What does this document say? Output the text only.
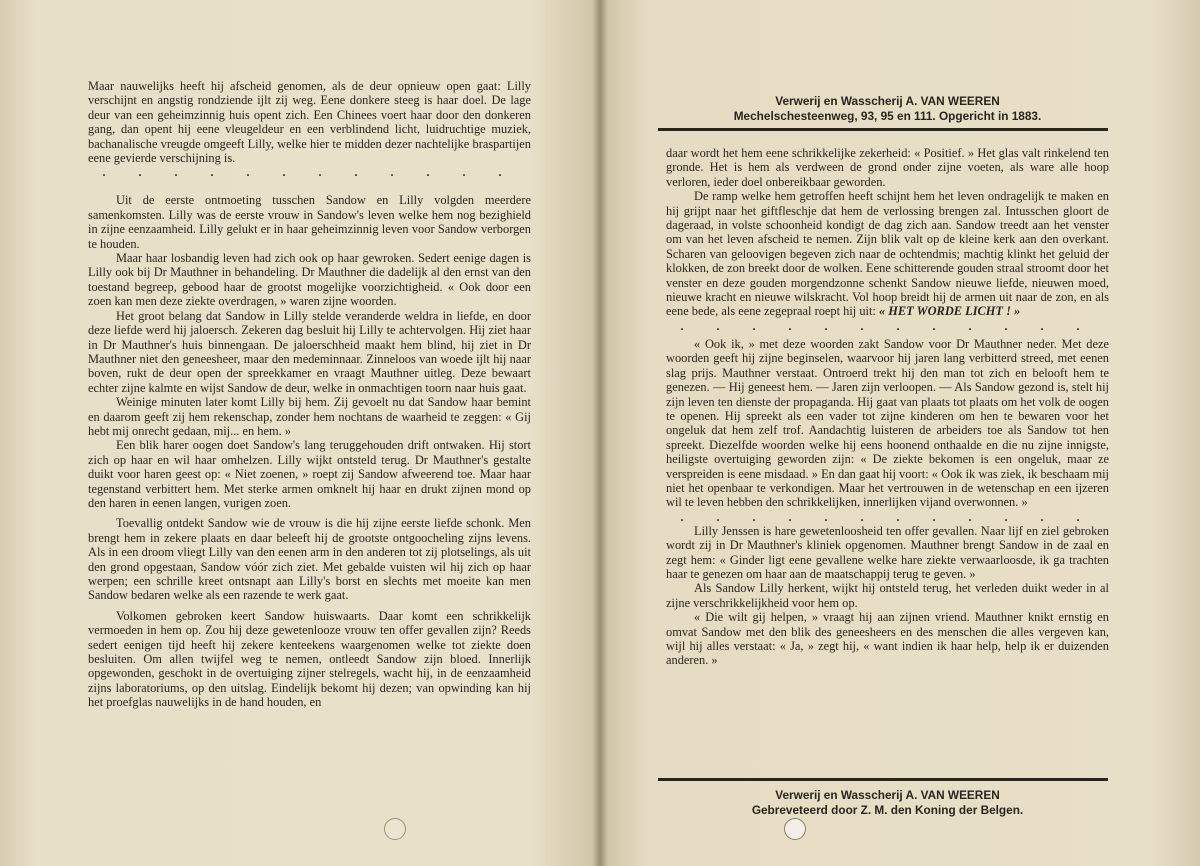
Maar nauwelijks heeft hij afscheid genomen, als de deur opnieuw open gaat: Lilly verschijnt en angstig rondziende ijlt zij weg. Eene donkere steeg is haar doel. De lage deur van een geheimzinnig huis opent zich. Een Chinees voert haar door den donkeren gang, dan opent hij eene vleugeldeur en een verblindend licht, luidruchtige muziek, bachanalische vreugde omgeeft Lilly, welke hier te midden dezer nachtelijke braspartijen eene gevierde verschijning is.

. . . . . . . . . . . .

Uit de eerste ontmoeting tusschen Sandow en Lilly volgden meerdere samenkomsten. Lilly was de eerste vrouw in Sandow's leven welke hem nog bezighield in zijne eenzaamheid. Lilly gelukt er in haar geheimzinnig leven voor Sandow verborgen te houden.

Maar haar losbandig leven had zich ook op haar gewroken. Sedert eenige dagen is Lilly ook bij Dr Mauthner in behandeling. Dr Mauthner die dadelijk al den ernst van den toestand begreep, gebood haar de grootst mogelijke voorzichtigheid. « Ook door een zoen kan men deze ziekte overdragen, » waren zijne woorden.

Het groot belang dat Sandow in Lilly stelde veranderde weldra in liefde, en door deze liefde werd hij jaloersch. Zekeren dag besluit hij Lilly te achtervolgen. Hij ziet haar in Dr Mauthner's huis binnengaan. De jaloerschheid maakt hem blind, hij ziet in Dr Mauthner niet den geneesheer, maar den medeminnaar. Zinneloos van woede ijlt hij naar boven, rukt de deur open der spreekkamer en vraagt Mauthner uitleg. Deze bewaart echter zijne kalmte en wijst Sandow de deur, welke in onmachtigen toorn naar huis gaat.

Weinige minuten later komt Lilly bij hem. Zij gevoelt nu dat Sandow haar bemint en daarom geeft zij hem rekenschap, zonder hem nochtans de waarheid te zeggen: « Gij hebt mij onrecht gedaan, mij... en hem. »

Een blik harer oogen doet Sandow's lang teruggehouden drift ontwaken. Hij stort zich op haar en wil haar omhelzen. Lilly wijkt ontsteld terug. Dr Mauthner's gestalte duikt voor haren geest op: « Niet zoenen, » roept zij Sandow afweerend toe. Maar haar tegenstand verbittert hem. Met sterke armen omknelt hij haar en drukt zijnen mond op den haren in eenen langen, vurigen zoen.

Toevallig ontdekt Sandow wie de vrouw is die hij zijne eerste liefde schonk. Men brengt hem in zekere plaats en daar beleeft hij de grootste ontgoocheling zijns levens. Als in een droom vliegt Lilly van den eenen arm in den anderen tot zij plotselings, als uit den grond opgestaan, Sandow vóór zich ziet. Met gebalde vuisten wil hij zich op haar werpen; een schrille kreet ontsnapt aan Lilly's borst en slechts met moeite kan men Sandow bedaren welke als een razende te werk gaat.

Volkomen gebroken keert Sandow huiswaarts. Daar komt een schrikkelijk vermoeden in hem op. Zou hij deze gewetenlooze vrouw ten offer gevallen zijn? Reeds sedert eenigen tijd heeft hij zekere kenteekens waargenomen welke tot ziekte doen besluiten. Om allen twijfel weg te nemen, ontleedt Sandow zijn bloed. Innerlijk opgewonden, geschokt in de overtuiging zijner stelregels, wacht hij, in de eenzaamheid zijns laboratoriums, op den uitslag. Eindelijk bekomt hij dezen; van opwinding kan hij het proefglas nauwelijks in de hand houden, en

Verwerij en Wasscherij A. VAN WEEREN
Mechelschesteenweg, 93, 95 en 111. Opgericht in 1883.

daar wordt het hem eene schrikkelijke zekerheid: « Positief. » Het glas valt rinkelend ten gronde. Het is hem als verdween de grond onder zijne voeten, als ware alle hoop verloren, ieder doel onbereikbaar geworden.

De ramp welke hem getroffen heeft schijnt hem het leven ondragelijk te maken en hij grijpt naar het giftfleschje dat hem de verlossing brengen zal. Intusschen gloort de dageraad, in volste schoonheid kondigt de dag zich aan. Sandow treedt aan het venster om van het leven afscheid te nemen. Zijn blik valt op de kleine kerk aan den overkant. Scharen van geloovigen begeven zich naar de ochtendmis; machtig klinkt het geluid der klokken, de zon breekt door de wolken. Eene schitterende gouden straal stroomt door het venster en deze gouden morgendzonne schenkt Sandow nieuwe liefde, nieuwen moed, nieuwe kracht en nieuwe wilskracht. Vol hoop breidt hij de armen uit naar de zon, en als eene bede, als eene zegepraal roept hij uit: « HET WORDE LICHT ! »

. . . . . . . . . . . .

« Ook ik, » met deze woorden zakt Sandow voor Dr Mauthner neder. Met deze woorden geeft hij zijne beginselen, waarvoor hij jaren lang verbitterd streed, met eenen slag prijs. Mauthner verstaat. Ontroerd trekt hij den man tot zich en belooft hem te genezen. — Hij geneest hem. — Jaren zijn verloopen. — Als Sandow gezond is, stelt hij zijn leven ten dienste der propaganda. Hij gaat van plaats tot plaats om het volk de oogen te openen. Hij spreekt als een vader tot zijne kinderen om hen te bewaren voor het ongeluk dat hem zelf trof. Aandachtig luisteren de arbeiders toe als Sandow tot hen spreekt. Diezelfde woorden welke hij eens hoonend onthaalde en die nu zijne innigste, heiligste overtuiging geworden zijn: « De ziekte bekomen is een ongeluk, maar ze verspreiden is eene misdaad. » En dan gaat hij voort: « Ook ik was ziek, ik beschaam mij niet het openbaar te verkondigen. Maar het vertrouwen in de wetenschap en een ijzeren wil te leven hebben den schrikkelijken, innerlijken vijand overwonnen. »

. . . . . . . . . . . .

Lilly Jenssen is hare gewetenloosheid ten offer gevallen. Naar lijf en ziel gebroken wordt zij in Dr Mauthner's kliniek opgenomen. Mauthner brengt Sandow in de zaal en zegt hem: « Ginder ligt eene gevallene welke hare ziekte verwaarloosde, ik ga trachten haar te genezen om haar aan de maatschappij terug te geven. »

Als Sandow Lilly herkent, wijkt hij ontsteld terug, het verleden duikt weder in al zijne verschrikkelijkheid voor hem op.

« Die wilt gij helpen, » vraagt hij aan zijnen vriend. Mauthner knikt ernstig en omvat Sandow met den blik des geneesheers en des menschen die alles vergeven kan, wijl hij alles verstaat: « Ja, » zegt hij, « want indien ik haar help, help ik er duizenden anderen. »

Verwerij en Wasscherij A. VAN WEEREN
Gebreveteerd door Z. M. den Koning der Belgen.
